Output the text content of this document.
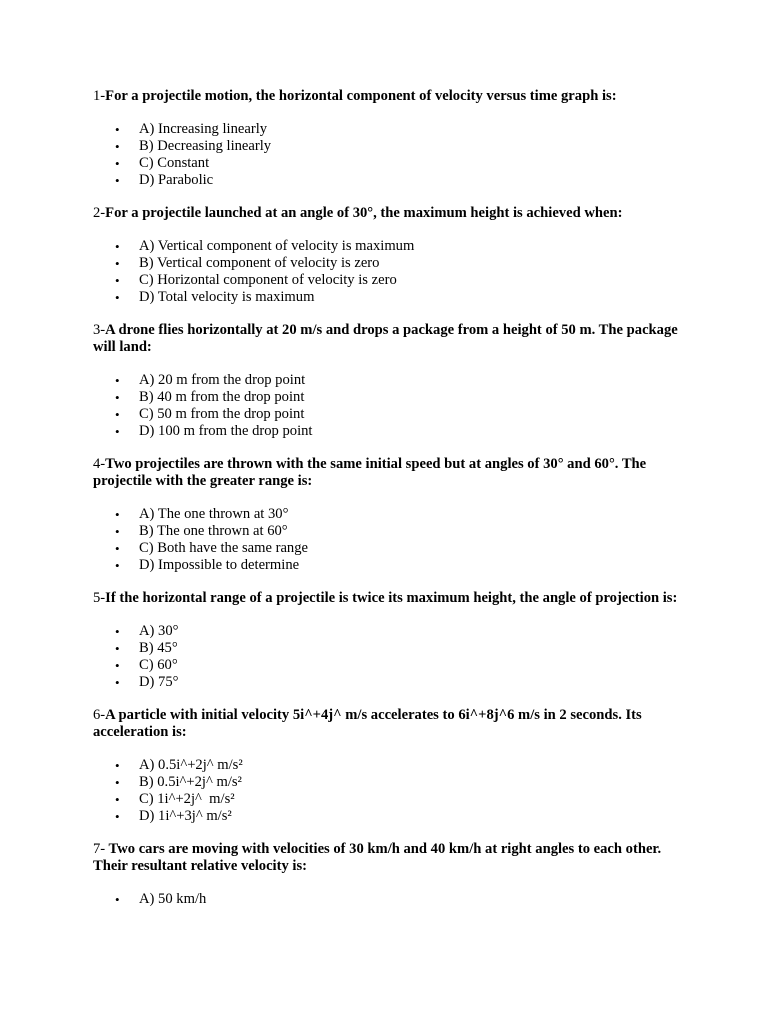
1-For a projectile motion, the horizontal component of velocity versus time graph is:

• A) Increasing linearly
• B) Decreasing linearly
• C) Constant
• D) Parabolic

2-For a projectile launched at an angle of 30°, the maximum height is achieved when:

• A) Vertical component of velocity is maximum
• B) Vertical component of velocity is zero
• C) Horizontal component of velocity is zero
• D) Total velocity is maximum

3-A drone flies horizontally at 20 m/s and drops a package from a height of 50 m. The package will land:

• A) 20 m from the drop point
• B) 40 m from the drop point
• C) 50 m from the drop point
• D) 100 m from the drop point

4-Two projectiles are thrown with the same initial speed but at angles of 30° and 60°. The projectile with the greater range is:

• A) The one thrown at 30°
• B) The one thrown at 60°
• C) Both have the same range
• D) Impossible to determine

5-If the horizontal range of a projectile is twice its maximum height, the angle of projection is:

• A) 30°
• B) 45°
• C) 60°
• D) 75°

6-A particle with initial velocity 5i^+4j^ m/s accelerates to 6i^+8j^6 m/s in 2 seconds. Its acceleration is:

• A) 0.5i^+2j^ m/s²
• B) 0.5i^+2j^ m/s²
• C) 1i^+2j^  m/s²
• D) 1i^+3j^ m/s²

7- Two cars are moving with velocities of 30 km/h and 40 km/h at right angles to each other. Their resultant relative velocity is:

• A) 50 km/h
